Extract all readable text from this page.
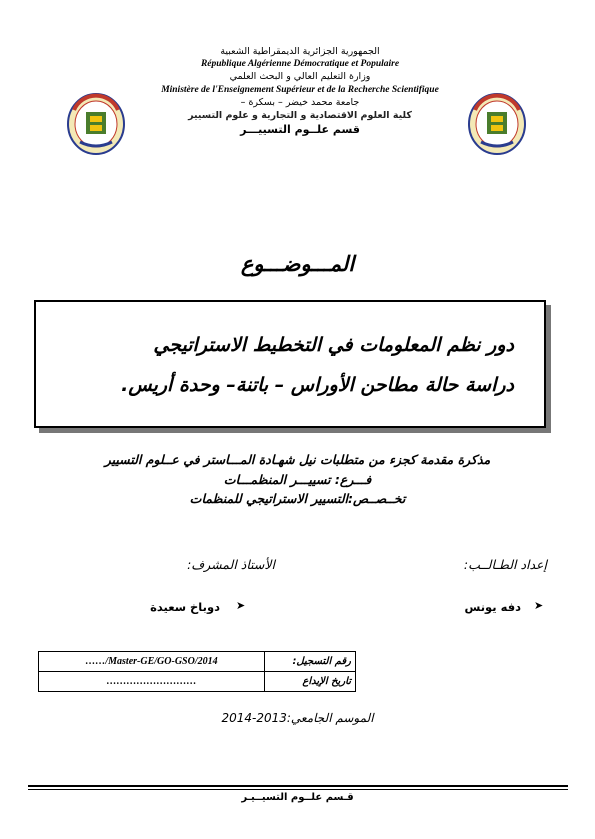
الجمهورية الجزائرية الديمقراطية الشعبية
République Algérienne Démocratique et Populaire
وزارة التعليم العالي و البحث العلمي
Ministère de l'Enseignement Supérieur et de la Recherche Scientifique
جامعة محمد خيضر – بسكرة –
كلية العلوم الاقتصادية و التجارية و علوم التسيير
قسم علــوم التسييـــر
المـــوضـــوع
دور نظم المعلومات في التخطيط الاستراتيجي
دراسة حالة مطاحن الأوراس – باتنة– وحدة أريس.
مذكرة مقدمة كجزء من متطلبات نيل شهـادة المـــاستر في عــلوم التسيير
فـــرع: تسييـــر المنظمـــات
تخــصــص:التسيير الاستراتيجي للمنظمات
إعداد الطـالــب:
الأستاذ المشرف:
➤
دفه يونس
➤
دوباخ سعيدة
……/Master-GE/GO-GSO/2014	رقم التسجيل:
………………………	تاريخ الإيداع
الموسم الجامعي:2013-2014
قـسم علــوم التسيــيـر
